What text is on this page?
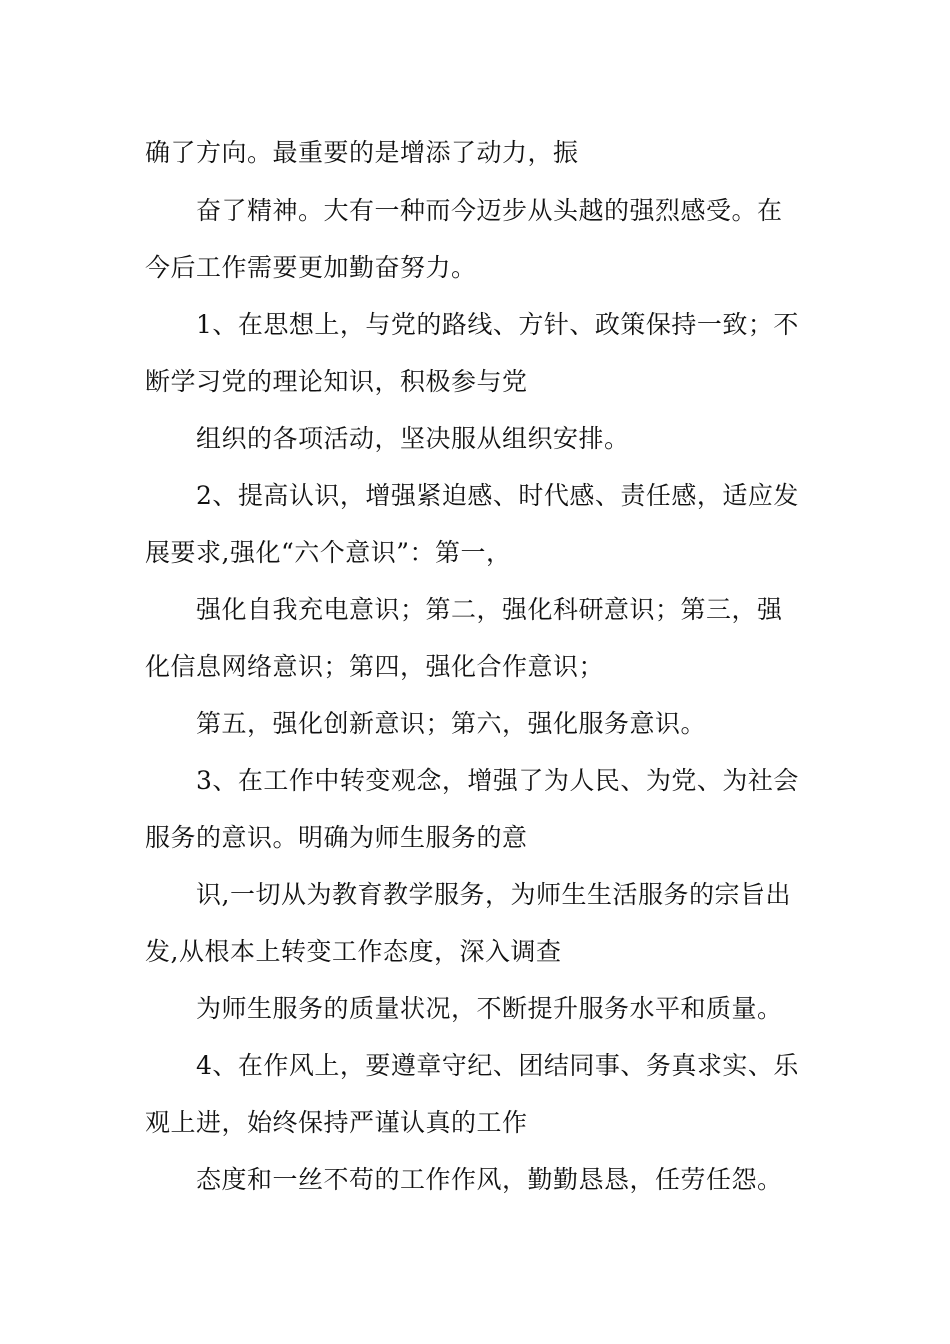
确了方向。最重要的是增添了动力，振
奋了精神。大有一种而今迈步从头越的强烈感受。在
今后工作需要更加勤奋努力。
1、在思想上，与党的路线、方针、政策保持一致；不
断学习党的理论知识，积极参与党
组织的各项活动，坚决服从组织安排。
2、提高认识，增强紧迫感、时代感、责任感，适应发
展要求,强化“六个意识”：第一，
强化自我充电意识；第二，强化科研意识；第三，强
化信息网络意识；第四，强化合作意识；
第五，强化创新意识；第六，强化服务意识。
3、在工作中转变观念，增强了为人民、为党、为社会
服务的意识。明确为师生服务的意
识,一切从为教育教学服务，为师生生活服务的宗旨出
发,从根本上转变工作态度，深入调查
为师生服务的质量状况，不断提升服务水平和质量。
4、在作风上，要遵章守纪、团结同事、务真求实、乐
观上进，始终保持严谨认真的工作
态度和一丝不苟的工作作风，勤勤恳恳，任劳任怨。
